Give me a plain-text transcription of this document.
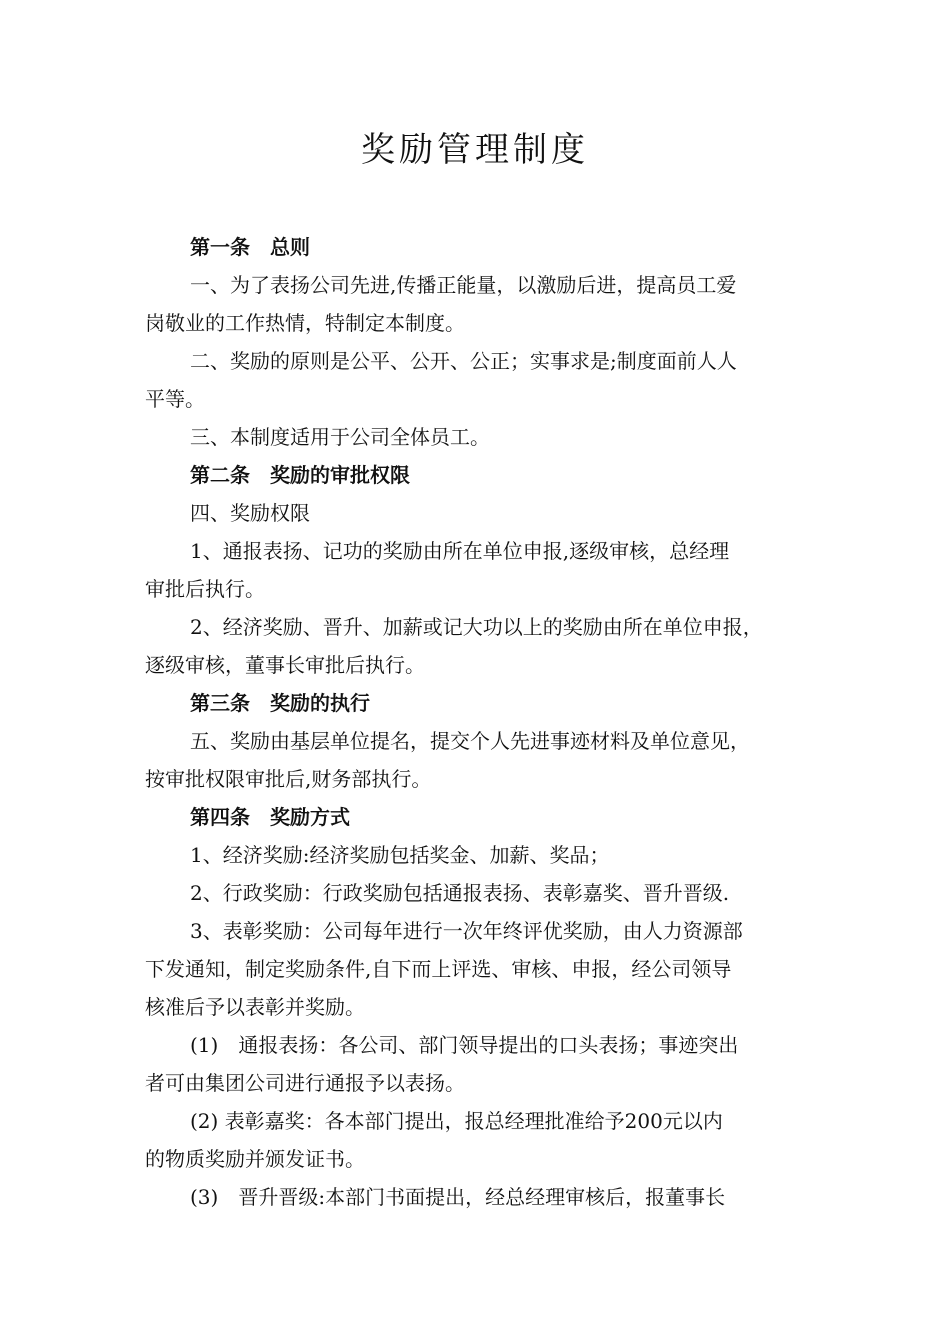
奖励管理制度
第一条　总则
一、为了表扬公司先进,传播正能量，以激励后进，提高员工爱
岗敬业的工作热情，特制定本制度。
二、奖励的原则是公平、公开、公正；实事求是;制度面前人人
平等。
三、本制度适用于公司全体员工。
第二条　奖励的审批权限
四、奖励权限
1、通报表扬、记功的奖励由所在单位申报,逐级审核，总经理
审批后执行。
2、经济奖励、晋升、加薪或记大功以上的奖励由所在单位申报，
逐级审核，董事长审批后执行。
第三条　奖励的执行
五、奖励由基层单位提名，提交个人先进事迹材料及单位意见，
按审批权限审批后,财务部执行。
第四条　奖励方式
1、经济奖励:经济奖励包括奖金、加薪、奖品；
2、行政奖励：行政奖励包括通报表扬、表彰嘉奖、晋升晋级.
3、表彰奖励：公司每年进行一次年终评优奖励，由人力资源部
下发通知，制定奖励条件,自下而上评选、审核、申报，经公司领导
核准后予以表彰并奖励。
(1)　通报表扬：各公司、部门领导提出的口头表扬；事迹突出
者可由集团公司进行通报予以表扬。
(2) 表彰嘉奖：各本部门提出，报总经理批准给予200元以内
的物质奖励并颁发证书。
(3)　晋升晋级:本部门书面提出，经总经理审核后，报董事长
